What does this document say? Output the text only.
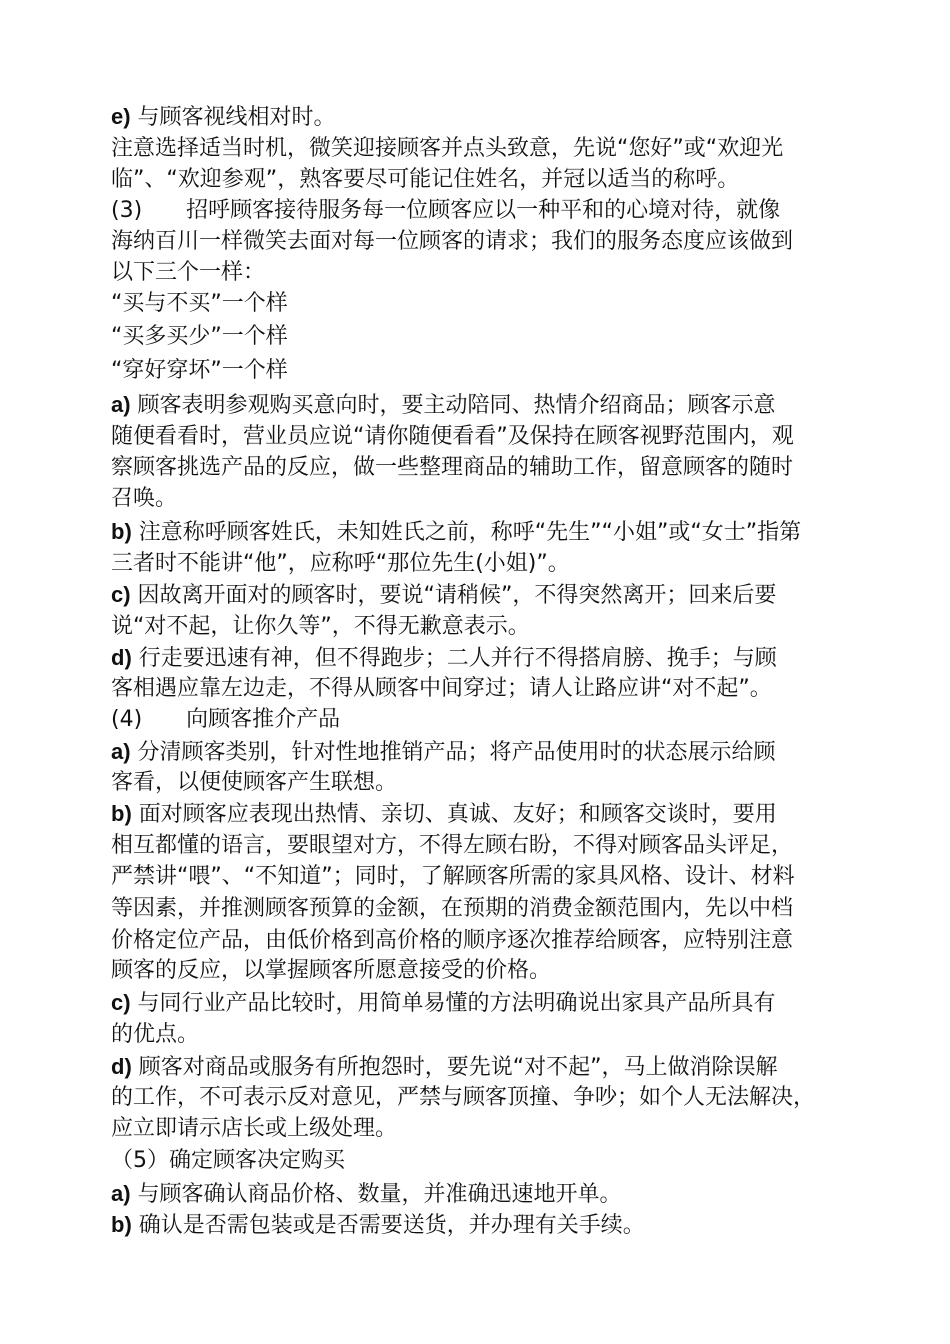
e) 与顾客视线相对时。
注意选择适当时机，微笑迎接顾客并点头致意，先说“您好”或“欢迎光
临”、“欢迎参观”，熟客要尽可能记住姓名，并冠以适当的称呼。
(3)　　招呼顾客接待服务每一位顾客应以一种平和的心境对待，就像
海纳百川一样微笑去面对每一位顾客的请求；我们的服务态度应该做到
以下三个一样：
“买与不买”一个样
“买多买少”一个样
“穿好穿坏”一个样
a) 顾客表明参观购买意向时，要主动陪同、热情介绍商品；顾客示意
随便看看时，营业员应说“请你随便看看”及保持在顾客视野范围内，观
察顾客挑选产品的反应，做一些整理商品的辅助工作，留意顾客的随时
召唤。
b) 注意称呼顾客姓氏，未知姓氏之前，称呼“先生”“小姐”或“女士”指第
三者时不能讲“他”，应称呼“那位先生(小姐)”。
c) 因故离开面对的顾客时，要说“请稍候”，不得突然离开；回来后要
说“对不起，让你久等”，不得无歉意表示。
d) 行走要迅速有神，但不得跑步；二人并行不得搭肩膀、挽手；与顾
客相遇应靠左边走，不得从顾客中间穿过；请人让路应讲“对不起”。
(4)　　向顾客推介产品
a) 分清顾客类别，针对性地推销产品；将产品使用时的状态展示给顾
客看，以便使顾客产生联想。
b) 面对顾客应表现出热情、亲切、真诚、友好；和顾客交谈时，要用
相互都懂的语言，要眼望对方，不得左顾右盼，不得对顾客品头评足，
严禁讲“喂”、“不知道”；同时，了解顾客所需的家具风格、设计、材料
等因素，并推测顾客预算的金额，在预期的消费金额范围内，先以中档
价格定位产品，由低价格到高价格的顺序逐次推荐给顾客，应特别注意
顾客的反应，以掌握顾客所愿意接受的价格。
c) 与同行业产品比较时，用简单易懂的方法明确说出家具产品所具有
的优点。
d) 顾客对商品或服务有所抱怨时，要先说“对不起”，马上做消除误解
的工作，不可表示反对意见，严禁与顾客顶撞、争吵；如个人无法解决，
应立即请示店长或上级处理。
（5）确定顾客决定购买
a) 与顾客确认商品价格、数量，并准确迅速地开单。
b) 确认是否需包装或是否需要送货，并办理有关手续。
